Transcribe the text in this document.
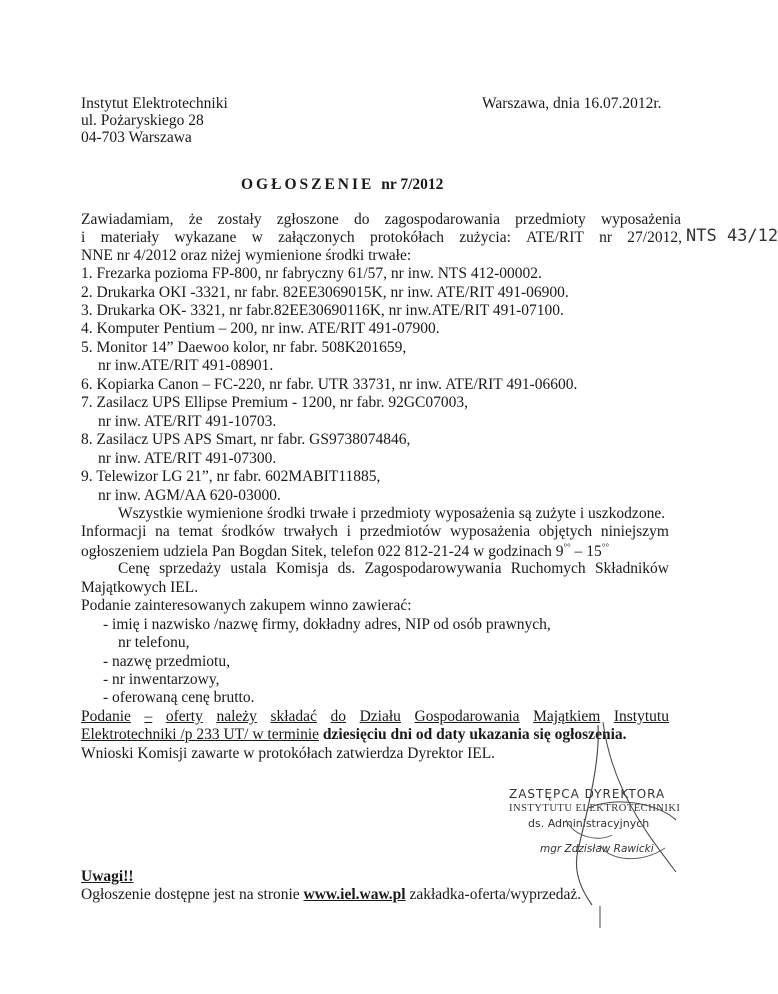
Instytut Elektrotechniki
ul. Pożaryskiego 28
04-703 Warszawa
Warszawa, dnia 16.07.2012r.
OGŁOSZENIE nr 7/2012
Zawiadamiam, że zostały zgłoszone do zagospodarowania przedmioty wyposażenia
i materiały wykazane w załączonych protokółach zużycia: ATE/RIT nr 27/2012, NTS 43/12
NNE nr 4/2012 oraz niżej wymienione środki trwałe:
1. Frezarka pozioma FP-800, nr fabryczny 61/57, nr inw. NTS 412-00002.
2. Drukarka OKI -3321, nr fabr. 82EE3069015K, nr inw. ATE/RIT 491-06900.
3. Drukarka OK- 3321, nr fabr.82EE30690116K, nr inw.ATE/RIT 491-07100.
4. Komputer Pentium – 200, nr inw. ATE/RIT 491-07900.
5. Monitor 14” Daewoo kolor, nr fabr. 508K201659,
nr inw.ATE/RIT 491-08901.
6. Kopiarka Canon – FC-220, nr fabr. UTR 33731, nr inw. ATE/RIT 491-06600.
7. Zasilacz UPS Ellipse Premium - 1200, nr fabr. 92GC07003,
nr inw. ATE/RIT 491-10703.
8. Zasilacz UPS APS Smart, nr fabr. GS9738074846,
nr inw. ATE/RIT 491-07300.
9. Telewizor LG 21”, nr fabr. 602MABIT11885,
nr inw. AGM/AA 620-03000.
Wszystkie wymienione środki trwałe i przedmioty wyposażenia są zużyte i uszkodzone.
Informacji na temat środków trwałych i przedmiotów wyposażenia objętych niniejszym
ogłoszeniem udziela Pan Bogdan Sitek, telefon 022 812-21-24 w godzinach 9°° – 15°°
Cenę sprzedaży ustala Komisja ds. Zagospodarowywania Ruchomych Składników
Majątkowych IEL.
Podanie zainteresowanych zakupem winno zawierać:
- imię i nazwisko /nazwę firmy, dokładny adres, NIP od osób prawnych,
nr telefonu,
- nazwę przedmiotu,
- nr inwentarzowy,
- oferowaną cenę brutto.
Podanie – oferty należy składać do Działu Gospodarowania Majątkiem Instytutu
Elektrotechniki /p 233 UT/ w terminie dziesięciu dni od daty ukazania się ogłoszenia.
Wnioski Komisji zawarte w protokółach zatwierdza Dyrektor IEL.
ZASTĘPCA DYREKTORA
INSTYTUTU ELEKTROTECHNIKI
ds. Administracyjnych
mgr Zdzisław Rawicki
Uwagi!!
Ogłoszenie dostępne jest na stronie www.iel.waw.pl zakładka-oferta/wyprzedaż.
